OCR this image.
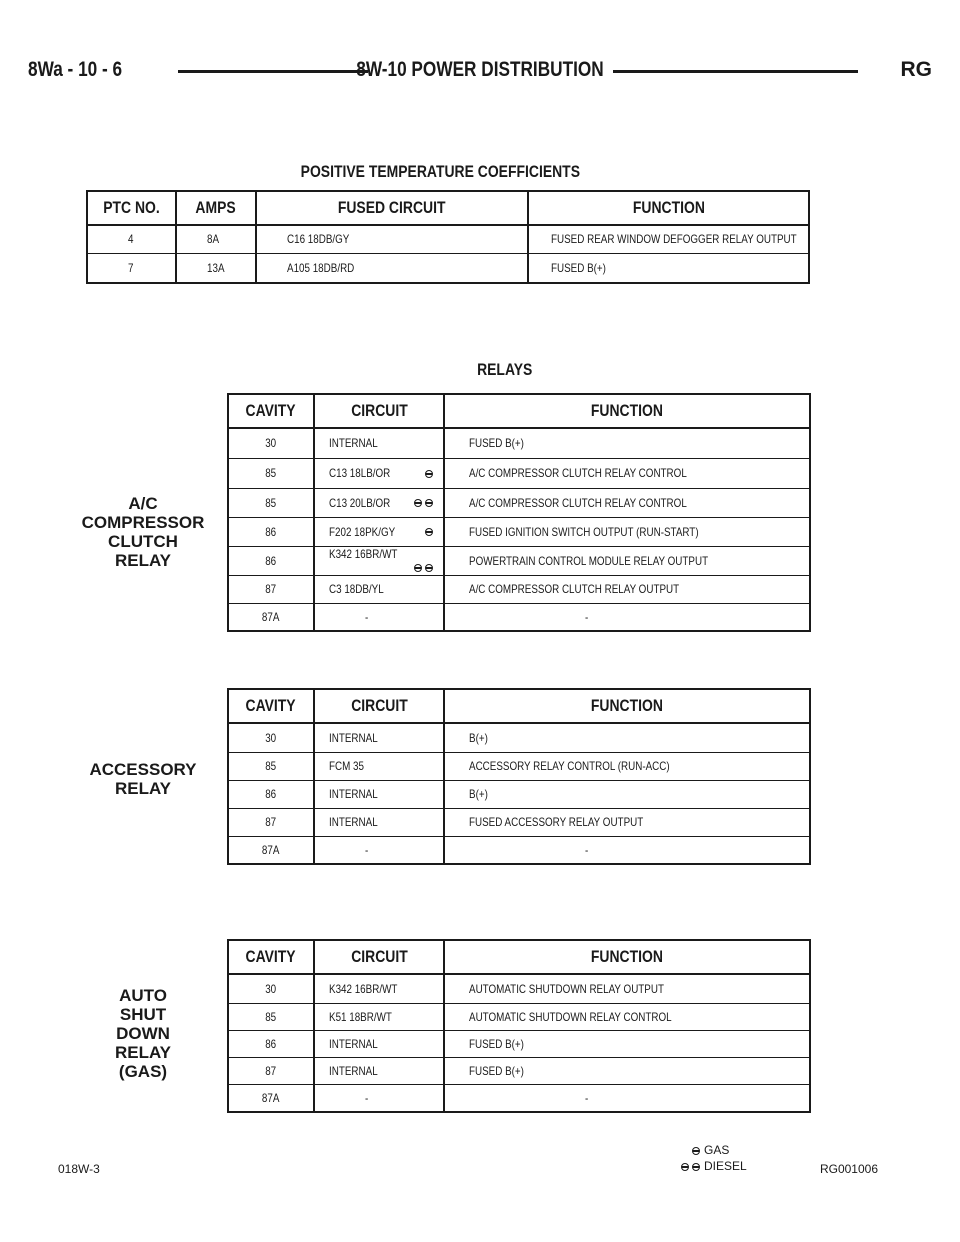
8Wa - 10 - 6	8W-10 POWER DISTRIBUTION	RG
POSITIVE TEMPERATURE COEFFICIENTS
PTC NO.	AMPS	FUSED CIRCUIT	FUNCTION
4	8A	C16 18DB/GY	FUSED REAR WINDOW DEFOGGER RELAY OUTPUT
7	13A	A105 18DB/RD	FUSED B(+)
RELAYS
A/C COMPRESSOR CLUTCH RELAY
ACCESSORY RELAY
AUTO SHUT DOWN RELAY (GAS)
CAVITY	CIRCUIT	FUNCTION
30	INTERNAL	FUSED B(+)
85	C13 18LB/OR	A/C COMPRESSOR CLUTCH RELAY CONTROL
85	C13 20LB/OR	A/C COMPRESSOR CLUTCH RELAY CONTROL
86	F202 18PK/GY	FUSED IGNITION SWITCH OUTPUT (RUN-START)
86	K342 16BR/WT	POWERTRAIN CONTROL MODULE RELAY OUTPUT
87	C3 18DB/YL	A/C COMPRESSOR CLUTCH RELAY OUTPUT
87A	-	-
CAVITY	CIRCUIT	FUNCTION
30	INTERNAL	B(+)
85	FCM 35	ACCESSORY RELAY CONTROL (RUN-ACC)
86	INTERNAL	B(+)
87	INTERNAL	FUSED ACCESSORY RELAY OUTPUT
87A	-	-
CAVITY	CIRCUIT	FUNCTION
30	K342 16BR/WT	AUTOMATIC SHUTDOWN RELAY OUTPUT
85	K51 18BR/WT	AUTOMATIC SHUTDOWN RELAY CONTROL
86	INTERNAL	FUSED B(+)
87	INTERNAL	FUSED B(+)
87A	-	-
GAS
DIESEL
018W-3	RG001006
